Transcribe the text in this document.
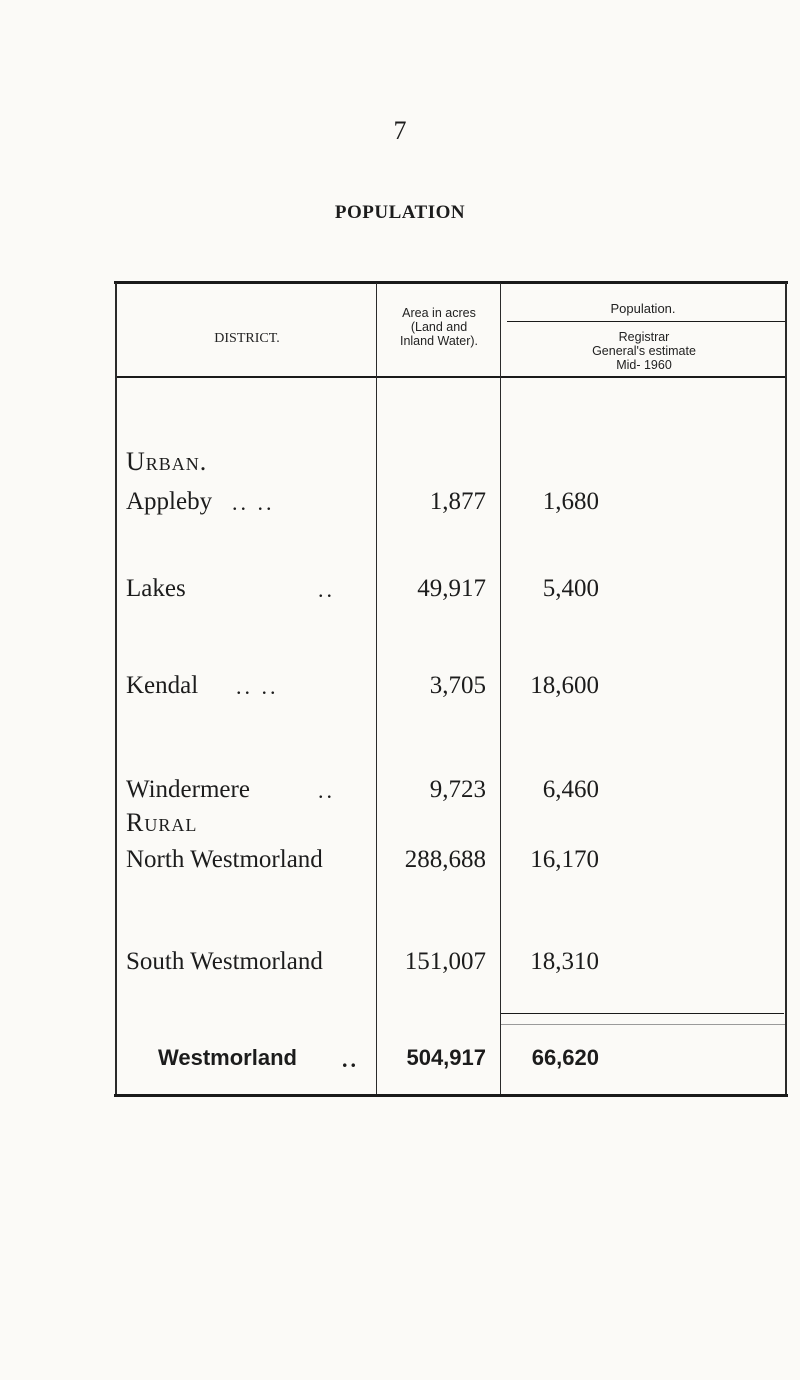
7
POPULATION
DISTRICT.
Area in acres
(Land and
Inland Water).
Population.
Registrar
General's estimate
Mid- 1960
Urban.
Appleby .. ..	1,877	1,680
Lakes	..	49,917	5,400
Kendal .. ..	3,705	18,600
Windermere	..	9,723	6,460
Rural
North Westmorland	288,688	16,170
South Westmorland	151,007	18,310
Westmorland ..	504,917	66,620
